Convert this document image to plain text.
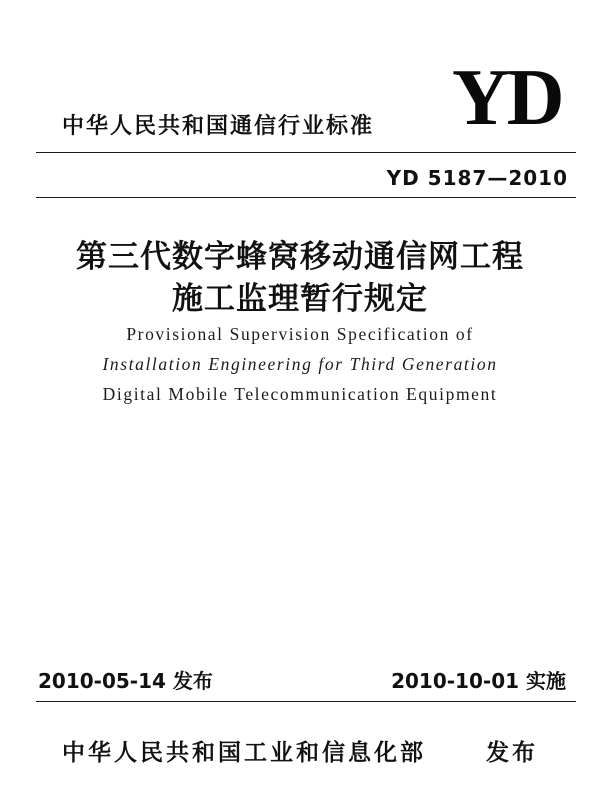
YD
中华人民共和国通信行业标准
YD 5187—2010
第三代数字蜂窝移动通信网工程
施工监理暂行规定
Provisional Supervision Specification of
Installation Engineering for Third Generation
Digital Mobile Telecommunication Equipment
2010-05-14 发布	2010-10-01 实施
中华人民共和国工业和信息化部	发布
